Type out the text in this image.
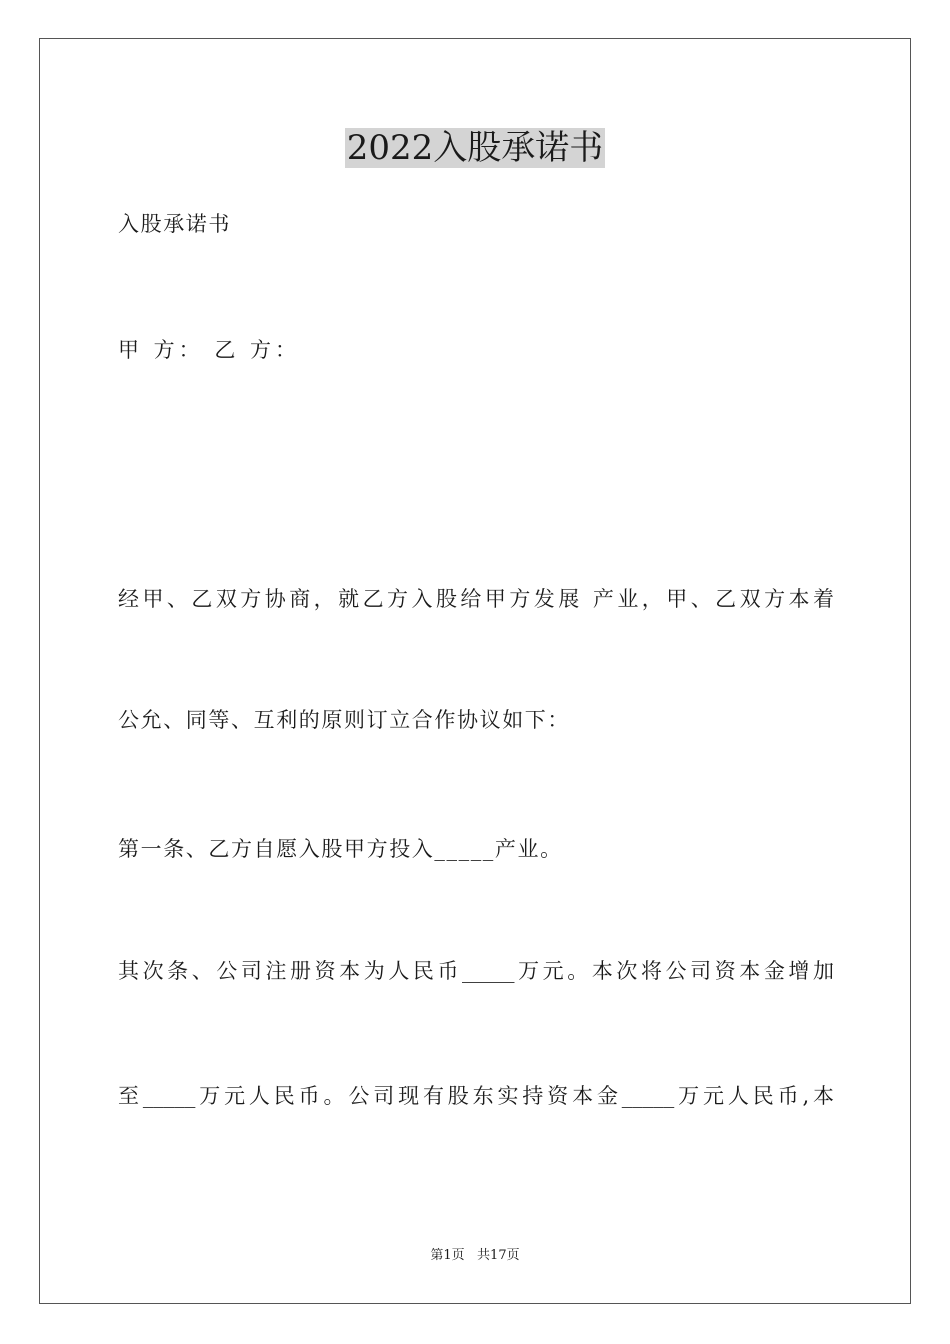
2022入股承诺书
入股承诺书
甲 方： 乙 方：
经甲、乙双方协商，就乙方入股给甲方发展 产业，甲、乙双方本着
公允、同等、互利的原则订立合作协议如下：
第一条、乙方自愿入股甲方投入_____产业。
其次条、公司注册资本为人民币_____万元。本次将公司资本金增加
至_____万元人民币。公司现有股东实持资本金_____万元人民币,本
第1页   共17页
